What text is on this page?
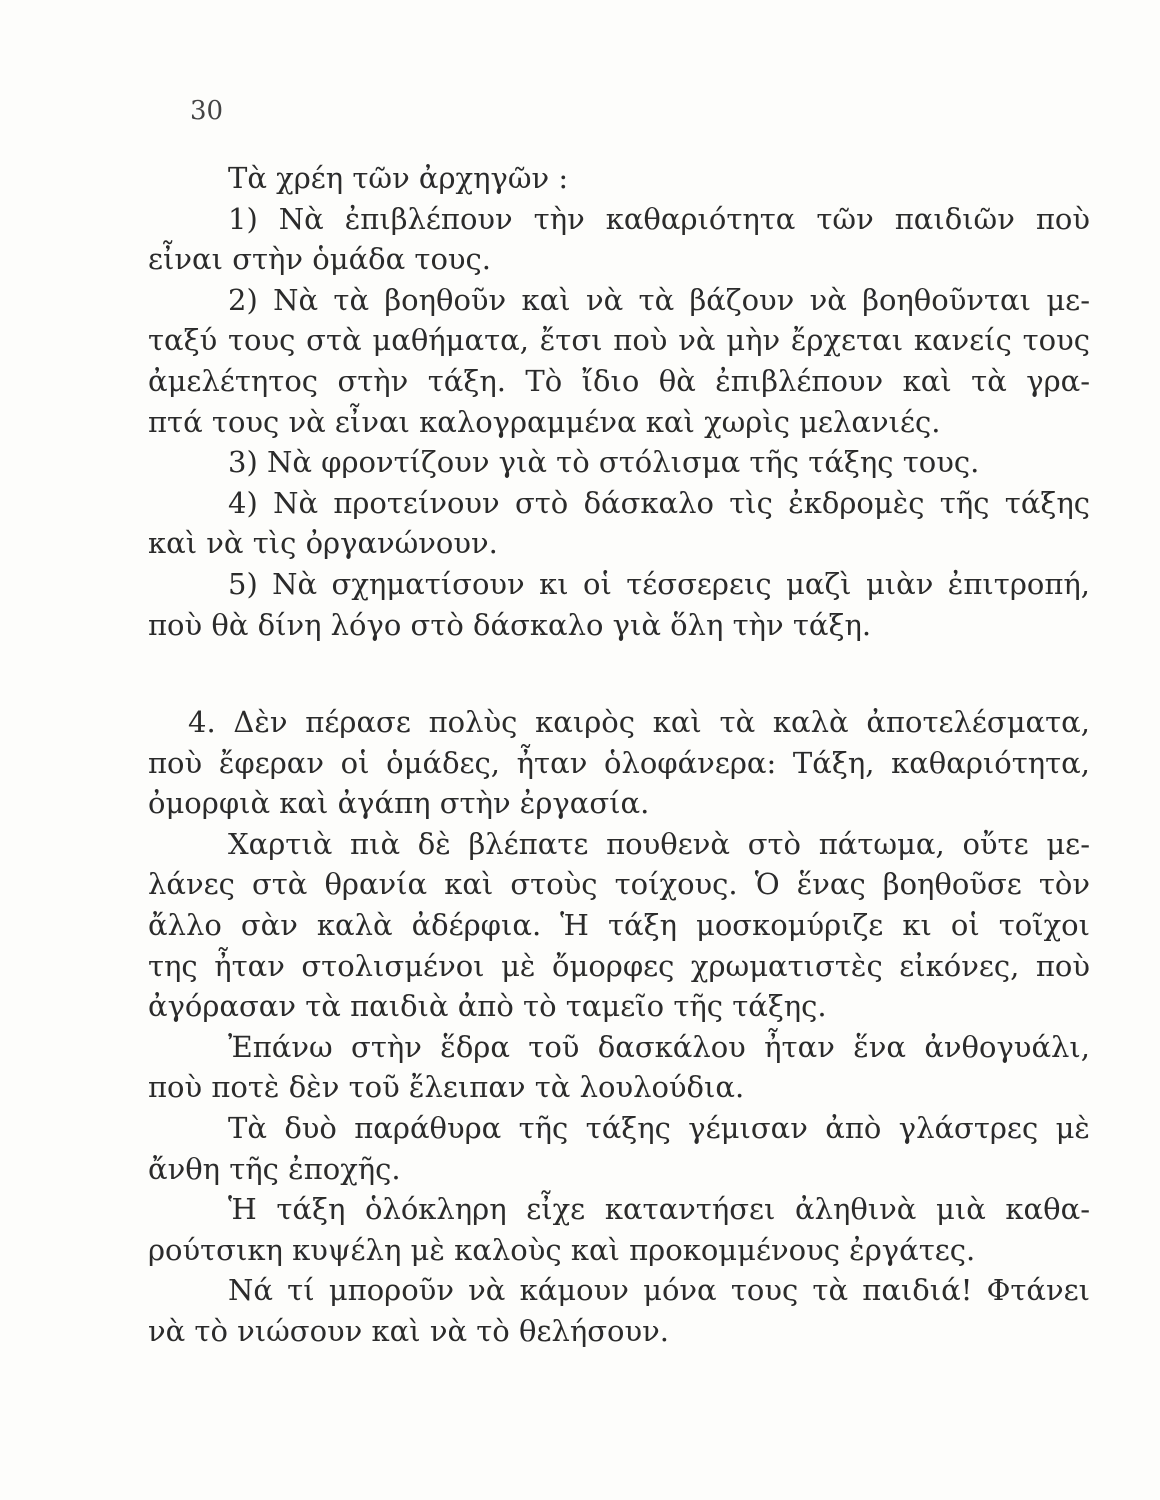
30
Τὰ χρέη τῶν ἀρχηγῶν :
1) Νὰ ἐπιβλέπουν τὴν καθαριότητα τῶν παιδιῶν ποὺ
εἶναι στὴν ὁμάδα τους.
2) Νὰ τὰ βοηθοῦν καὶ νὰ τὰ βάζουν νὰ βοηθοῦνται με-
ταξύ τους στὰ μαθήματα, ἔτσι ποὺ νὰ μὴν ἔρχεται κανείς τους
ἀμελέτητος στὴν τάξη. Τὸ ἴδιο θὰ ἐπιβλέπουν καὶ τὰ γρα-
πτά τους νὰ εἶναι καλογραμμένα καὶ χωρὶς μελανιές.
3) Νὰ φροντίζουν γιὰ τὸ στόλισμα τῆς τάξης τους.
4) Νὰ προτείνουν στὸ δάσκαλο τὶς ἐκδρομὲς τῆς τάξης
καὶ νὰ τὶς ὀργανώνουν.
5) Νὰ σχηματίσουν κι οἱ τέσσερεις μαζὶ μιὰν ἐπιτροπή,
ποὺ θὰ δίνη λόγο στὸ δάσκαλο γιὰ ὅλη τὴν τάξη.
4. Δὲν πέρασε πολὺς καιρὸς καὶ τὰ καλὰ ἀποτελέσματα,
ποὺ ἔφεραν οἱ ὁμάδες, ἦταν ὁλοφάνερα: Τάξη, καθαριότητα,
ὀμορφιὰ καὶ ἀγάπη στὴν ἐργασία.
Χαρτιὰ πιὰ δὲ βλέπατε πουθενὰ στὸ πάτωμα, οὔτε με-
λάνες στὰ θρανία καὶ στοὺς τοίχους. Ὁ ἕνας βοηθοῦσε τὸν
ἄλλο σὰν καλὰ ἀδέρφια. Ἡ τάξη μοσκομύριζε κι οἱ τοῖχοι
της ἦταν στολισμένοι μὲ ὄμορφες χρωματιστὲς εἰκόνες, ποὺ
ἀγόρασαν τὰ παιδιὰ ἀπὸ τὸ ταμεῖο τῆς τάξης.
Ἐπάνω στὴν ἕδρα τοῦ δασκάλου ἦταν ἕνα ἀνθογυάλι,
ποὺ ποτὲ δὲν τοῦ ἔλειπαν τὰ λουλούδια.
Τὰ δυὸ παράθυρα τῆς τάξης γέμισαν ἀπὸ γλάστρες μὲ
ἄνθη τῆς ἐποχῆς.
Ἡ τάξη ὁλόκληρη εἶχε καταντήσει ἀληθινὰ μιὰ καθα-
ρούτσικη κυψέλη μὲ καλοὺς καὶ προκομμένους ἐργάτες.
Νά τί μποροῦν νὰ κάμουν μόνα τους τὰ παιδιά! Φτάνει
νὰ τὸ νιώσουν καὶ νὰ τὸ θελήσουν.
